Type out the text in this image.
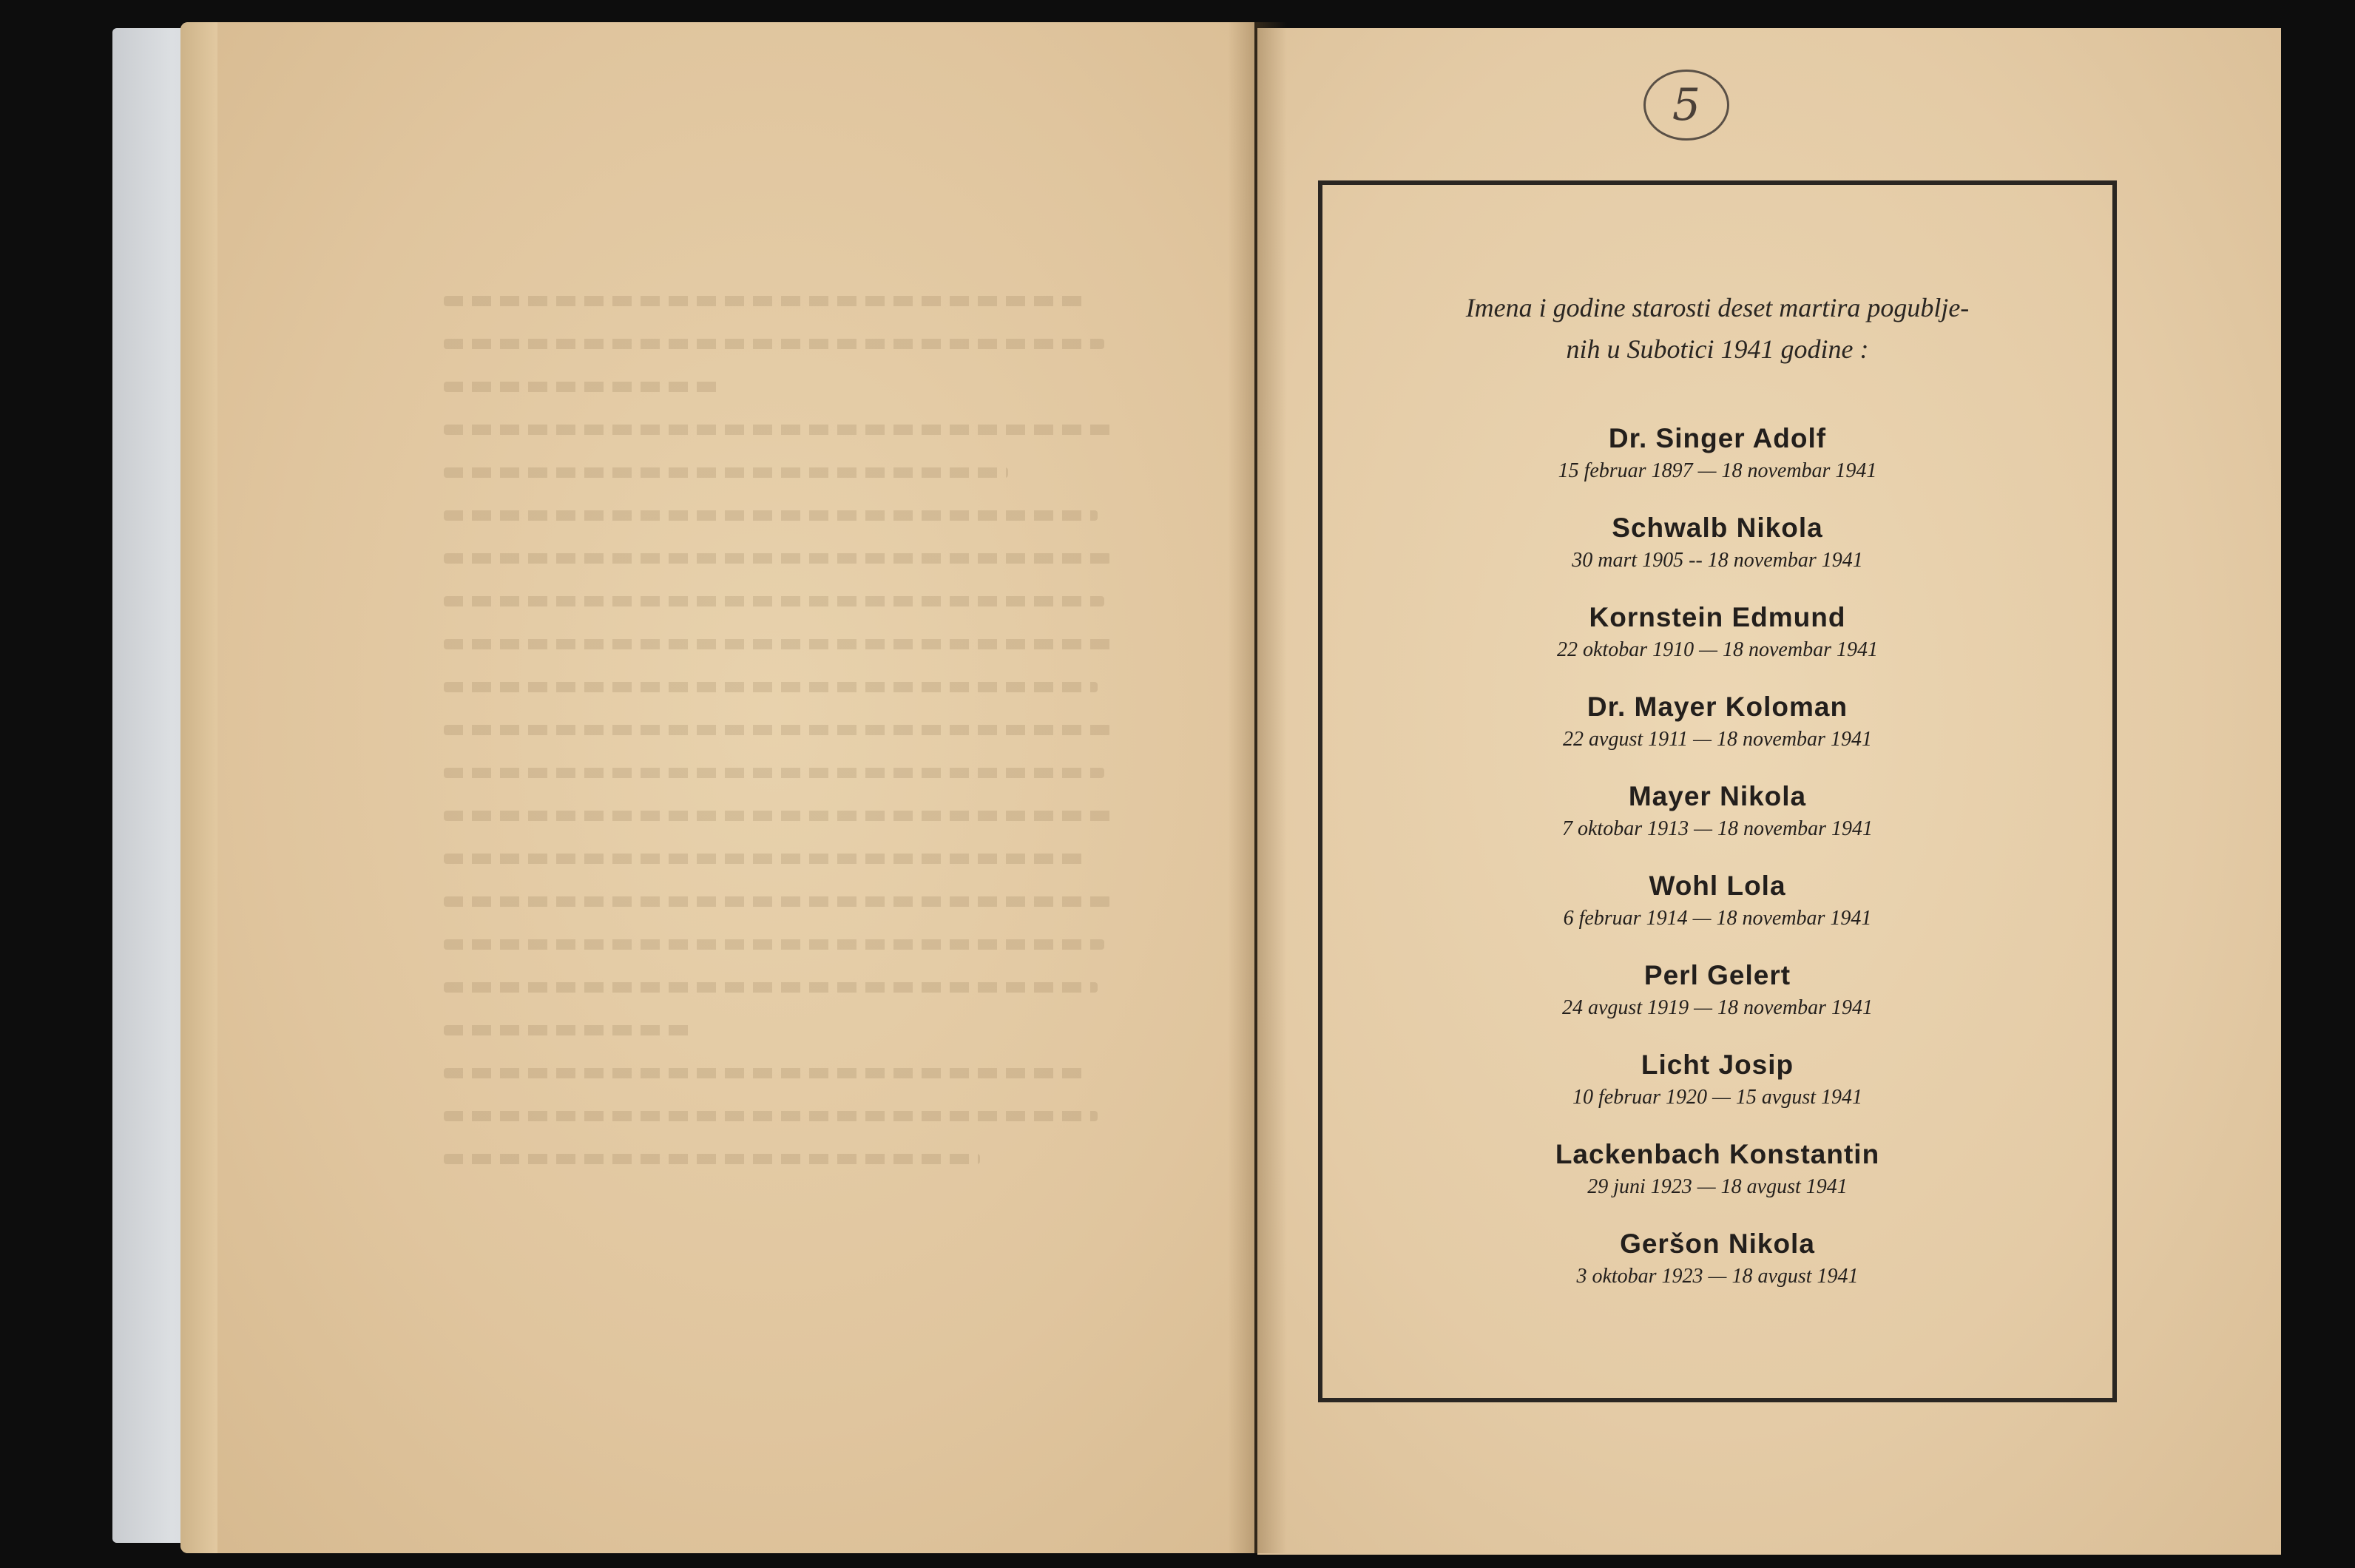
5
Imena i godine starosti deset martira pogublje-
nih u Subotici 1941 godine :
Dr. Singer Adolf
15 februar 1897 — 18 novembar 1941
Schwalb Nikola
30 mart 1905 -- 18 novembar 1941
Kornstein Edmund
22 oktobar 1910 — 18 novembar 1941
Dr. Mayer Koloman
22 avgust 1911 — 18 novembar 1941
Mayer Nikola
7 oktobar 1913 — 18 novembar 1941
Wohl Lola
6 februar 1914 — 18 novembar 1941
Perl Gelert
24 avgust 1919 — 18 novembar 1941
Licht Josip
10 februar 1920 — 15 avgust 1941
Lackenbach Konstantin
29 juni 1923 — 18 avgust 1941
Geršon Nikola
3 oktobar 1923 — 18 avgust 1941
